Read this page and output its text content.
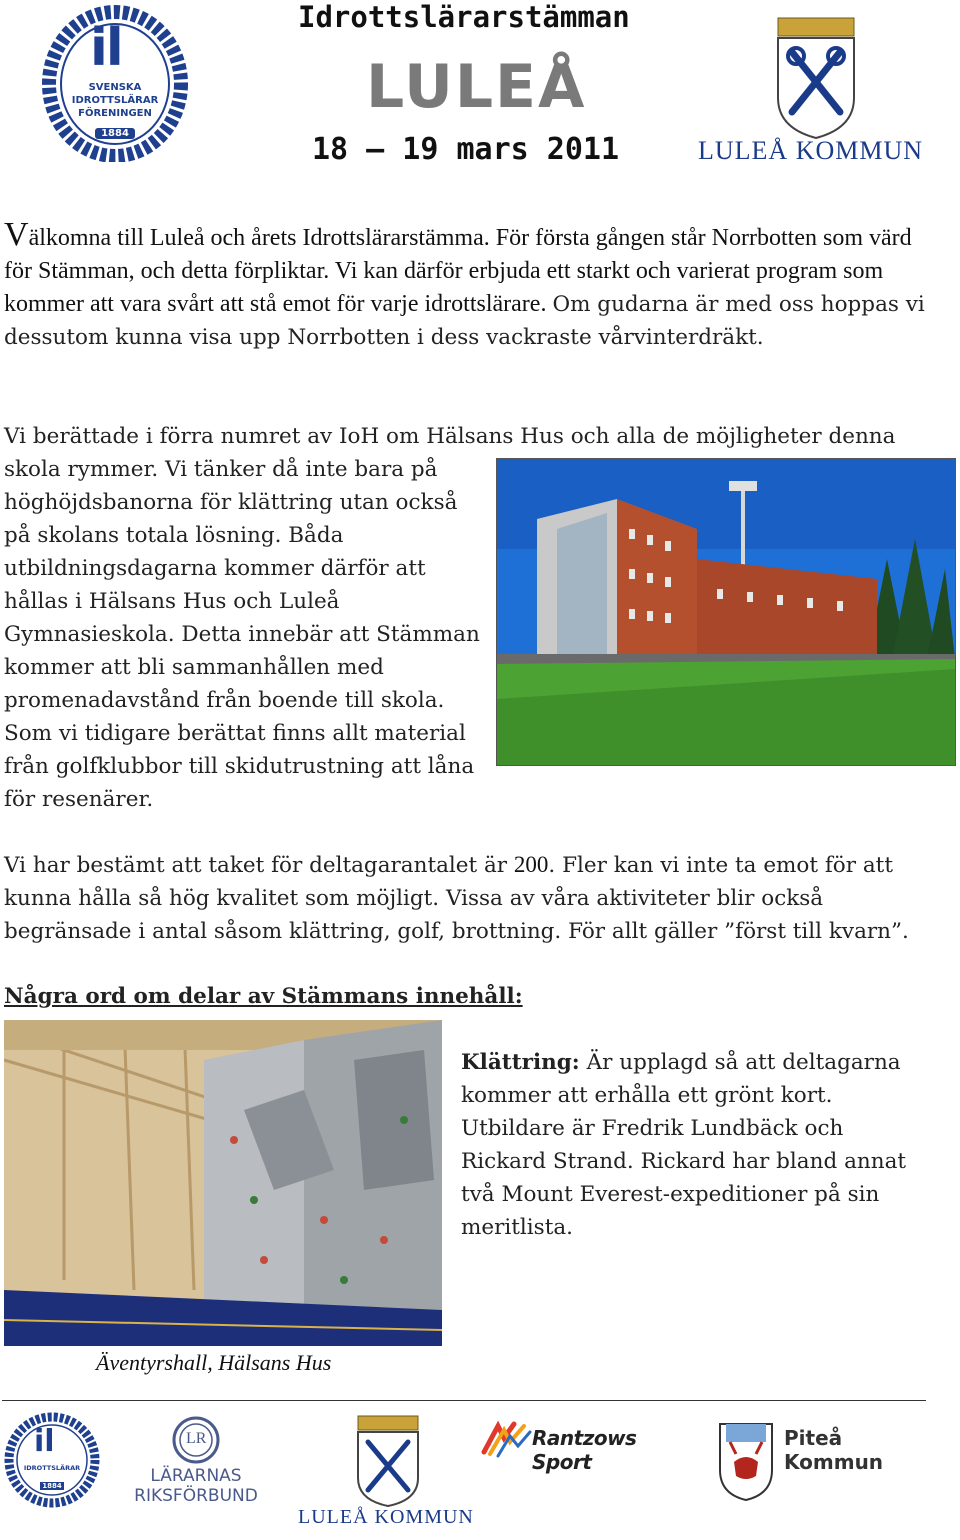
Idrottslärarstämman
il
SVENSKA
IDROTTSLÄRAR
FÖRENINGEN
1884
LULEÅ
18 – 19 mars 2011	LULEÅ KOMMUN
Välkomna till Luleå och årets Idrottslärarstämma. För första gången står Norrbotten som värd för Stämman, och detta förpliktar. Vi kan därför erbjuda ett starkt och varierat program som kommer att vara svårt att stå emot för varje idrottslärare. Om gudarna är med oss hoppas vi dessutom kunna visa upp Norrbotten i dess vackraste vårvinterdräkt.
Vi berättade i förra numret av IoH om Hälsans Hus och alla de möjligheter denna
skola rymmer. Vi tänker då inte bara på
höghöjdsbanorna för klättring utan också
på skolans totala lösning. Båda
utbildningsdagarna kommer därför att
hållas i Hälsans Hus och Luleå
Gymnasieskola. Detta innebär att Stämman
kommer att bli sammanhållen med
promenadavstånd från boende till skola.
Som vi tidigare berättat finns allt material
från golfklubbor till skidutrustning att låna
för resenärer.
Vi har bestämt att taket för deltagarantalet är 200. Fler kan vi inte ta emot för att kunna hålla så hög kvalitet som möjligt. Vissa av våra aktiviteter blir också begränsade i antal såsom klättring, golf, brottning. För allt gäller ”först till kvarn”.
Några ord om delar av Stämmans innehåll:
Klättring: Är upplagd så att deltagarna kommer att erhålla ett grönt kort. Utbildare är Fredrik Lundbäck och Rickard Strand. Rickard har bland annat två Mount Everest-expeditioner på sin meritlista.
Äventyrshall, Hälsans Hus
il
IDROTTSLÄRAR
1884
LR
LÄRARNAS
RIKSFÖRBUND
LULEÅ KOMMUN
Rantzows Sport
Piteå Kommun
